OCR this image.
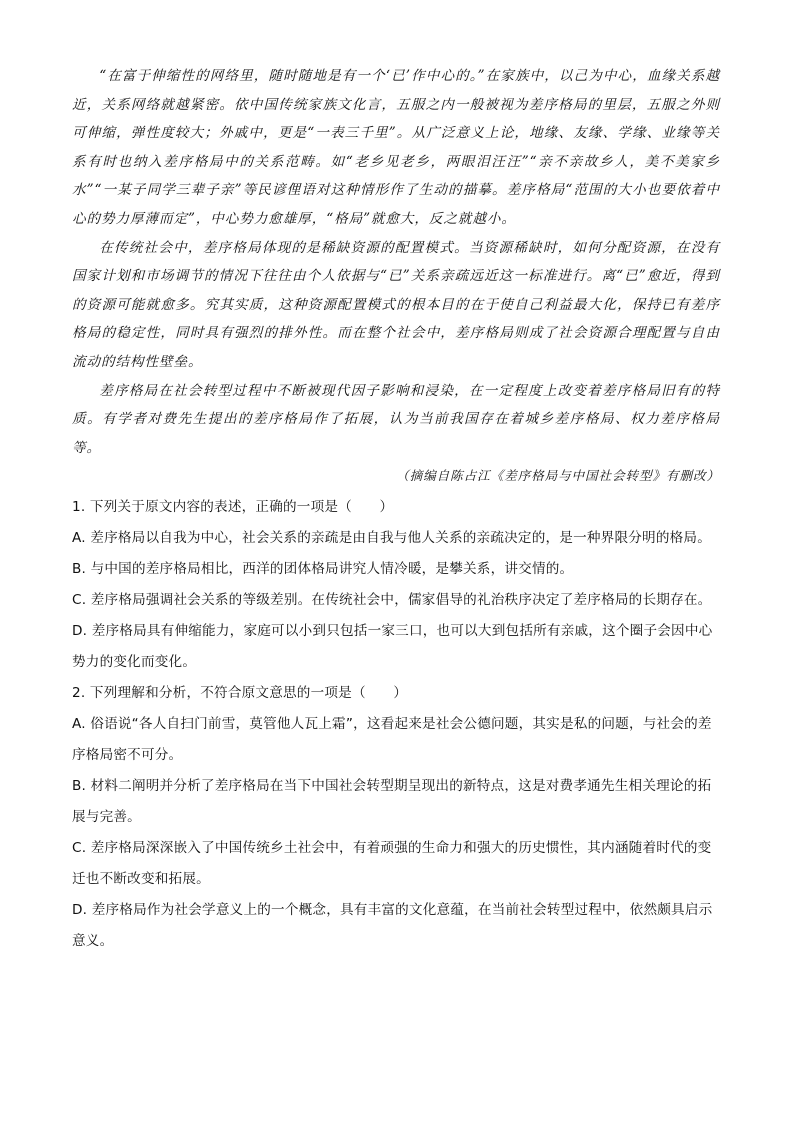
“在富于伸缩性的网络里，随时随地是有一个‘已’作中心的。”在家族中，以己为中心，血缘关系越近，关系网络就越紧密。依中国传统家族文化言，五服之内一般被视为差序格局的里层，五服之外则可伸缩，弹性度较大；外戚中，更是“一表三千里”。从广泛意义上论，地缘、友缘、学缘、业缘等关系有时也纳入差序格局中的关系范畴。如“老乡见老乡，两眼泪汪汪”“亲不亲故乡人，美不美家乡水”“一某子同学三辈子亲”等民谚俚语对这种情形作了生动的描摹。差序格局“范围的大小也要依着中心的势力厚薄而定”，中心势力愈雄厚，“格局”就愈大，反之就越小。

在传统社会中，差序格局体现的是稀缺资源的配置模式。当资源稀缺时，如何分配资源，在没有国家计划和市场调节的情况下往往由个人依据与“已”关系亲疏远近这一标准进行。离“已”愈近，得到的资源可能就愈多。究其实质，这种资源配置模式的根本目的在于使自己利益最大化，保持已有差序格局的稳定性，同时具有强烈的排外性。而在整个社会中，差序格局则成了社会资源合理配置与自由流动的结构性壁垒。

差序格局在社会转型过程中不断被现代因子影响和浸染，在一定程度上改变着差序格局旧有的特质。有学者对费先生提出的差序格局作了拓展，认为当前我国存在着城乡差序格局、权力差序格局等。

（摘编自陈占江《差序格局与中国社会转型》有删改）

1. 下列关于原文内容的表述，正确的一项是（　　）

A. 差序格局以自我为中心，社会关系的亲疏是由自我与他人关系的亲疏决定的，是一种界限分明的格局。

B. 与中国的差序格局相比，西洋的团体格局讲究人情冷暖，是攀关系，讲交情的。

C. 差序格局强调社会关系的等级差别。在传统社会中，儒家倡导的礼治秩序决定了差序格局的长期存在。

D. 差序格局具有伸缩能力，家庭可以小到只包括一家三口，也可以大到包括所有亲戚，这个圈子会因中心势力的变化而变化。

2. 下列理解和分析，不符合原文意思的一项是（　　）

A. 俗语说“各人自扫门前雪，莫管他人瓦上霜”，这看起来是社会公德问题，其实是私的问题，与社会的差序格局密不可分。

B. 材料二阐明并分析了差序格局在当下中国社会转型期呈现出的新特点，这是对费孝通先生相关理论的拓展与完善。

C. 差序格局深深嵌入了中国传统乡土社会中，有着顽强的生命力和强大的历史惯性，其内涵随着时代的变迁也不断改变和拓展。

D. 差序格局作为社会学意义上的一个概念，具有丰富的文化意蕴，在当前社会转型过程中，依然颇具启示意义。
